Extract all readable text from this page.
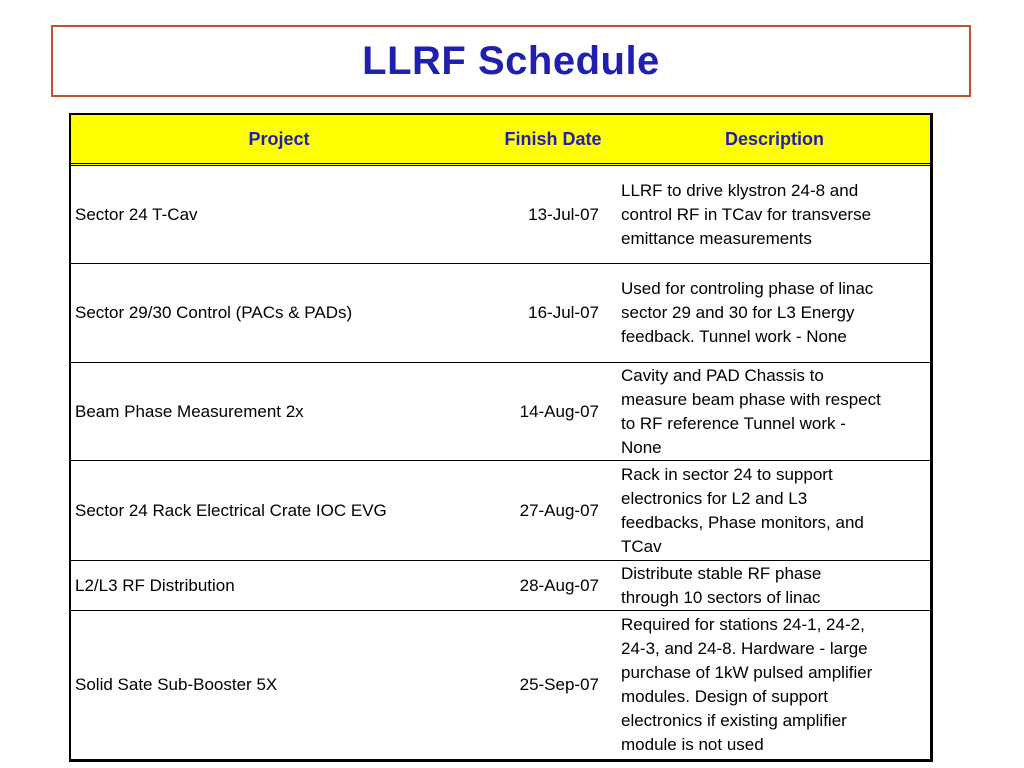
LLRF Schedule
Project	Finish Date	Description
Sector 24 T-Cav	13-Jul-07
LLRF to drive klystron 24-8 and
control RF in TCav for transverse
emittance measurements
Sector 29/30 Control (PACs & PADs)	16-Jul-07
Used for controling phase of linac
sector 29 and 30 for L3 Energy
feedback. Tunnel work - None
Beam Phase Measurement 2x	14-Aug-07
Cavity and PAD Chassis to
measure beam phase with respect
to RF reference Tunnel work -
None
Sector 24 Rack Electrical Crate IOC EVG	27-Aug-07
Rack in sector 24 to support
electronics for L2 and L3
feedbacks, Phase monitors, and
TCav
L2/L3 RF Distribution	28-Aug-07
Distribute stable RF phase
through 10 sectors of linac
Solid Sate Sub-Booster 5X	25-Sep-07
Required for stations 24-1, 24-2,
24-3, and 24-8. Hardware - large
purchase of 1kW pulsed amplifier
modules. Design of support
electronics if existing amplifier
module is not used
